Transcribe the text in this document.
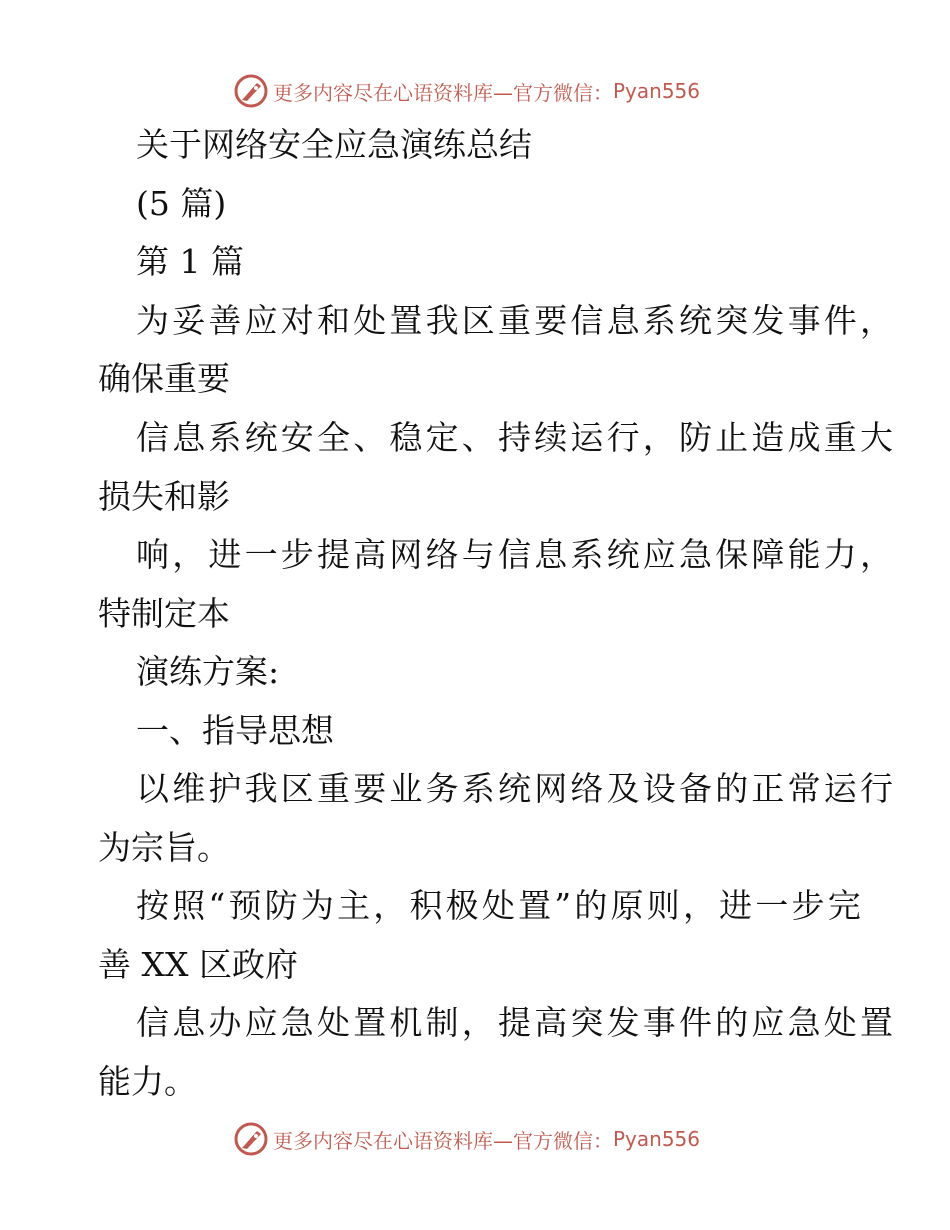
更多内容尽在心语资料库—官方微信： Pyan556
关于网络安全应急演练总结
(5 篇)
第 1 篇
为妥善应对和处置我区重要信息系统突发事件，
确保重要
信息系统安全、稳定、持续运行，防止造成重大
损失和影
响，进一步提高网络与信息系统应急保障能力，
特制定本
演练方案:
一、指导思想
以维护我区重要业务系统网络及设备的正常运行
为宗旨。
按照“预防为主，积极处置”的原则，进一步完
善 XX 区政府
信息办应急处置机制，提高突发事件的应急处置
能力。
更多内容尽在心语资料库—官方微信： Pyan556
